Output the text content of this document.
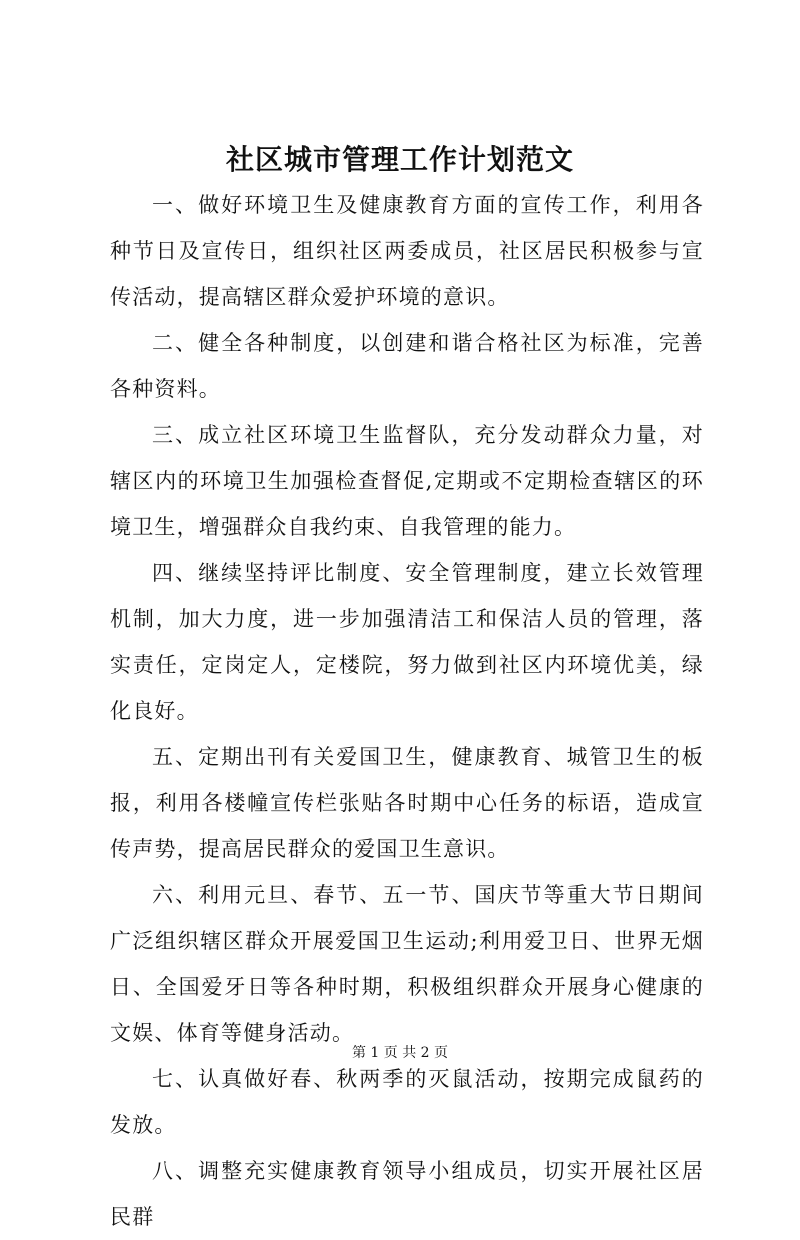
社区城市管理工作计划范文

一、做好环境卫生及健康教育方面的宣传工作，利用各种节日及宣传日，组织社区两委成员，社区居民积极参与宣传活动，提高辖区群众爱护环境的意识。

二、健全各种制度，以创建和谐合格社区为标准，完善各种资料。

三、成立社区环境卫生监督队，充分发动群众力量，对辖区内的环境卫生加强检查督促,定期或不定期检查辖区的环境卫生，增强群众自我约束、自我管理的能力。

四、继续坚持评比制度、安全管理制度，建立长效管理机制，加大力度，进一步加强清洁工和保洁人员的管理，落实责任，定岗定人，定楼院，努力做到社区内环境优美，绿化良好。

五、定期出刊有关爱国卫生，健康教育、城管卫生的板报，利用各楼幢宣传栏张贴各时期中心任务的标语，造成宣传声势，提高居民群众的爱国卫生意识。

六、利用元旦、春节、五一节、国庆节等重大节日期间广泛组织辖区群众开展爱国卫生运动;利用爱卫日、世界无烟日、全国爱牙日等各种时期，积极组织群众开展身心健康的文娱、体育等健身活动。

七、认真做好春、秋两季的灭鼠活动，按期完成鼠药的发放。

八、调整充实健康教育领导小组成员，切实开展社区居民群

第 1 页 共 2 页
